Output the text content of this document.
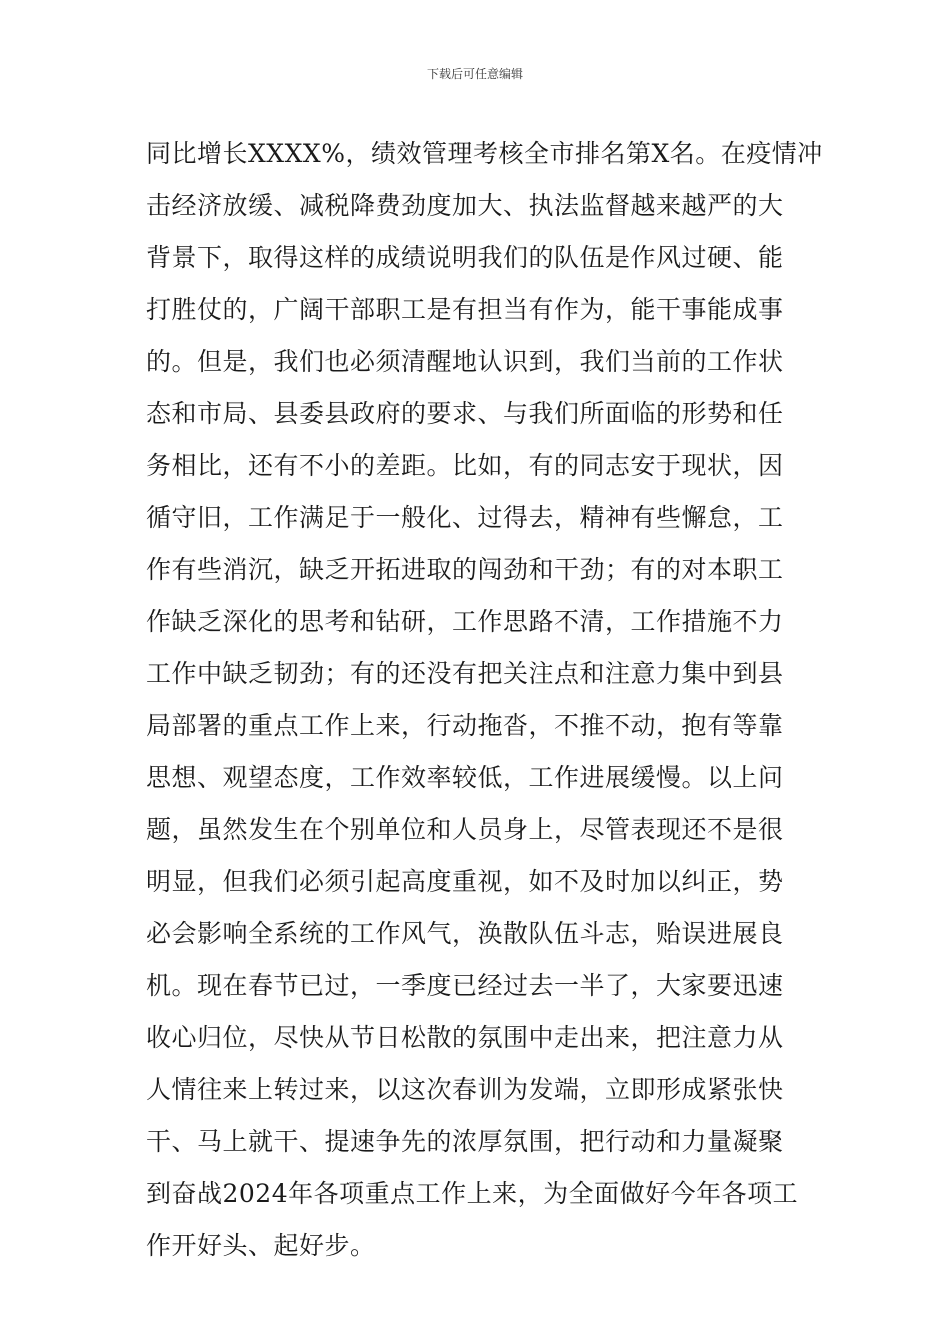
下载后可任意编辑
同比增长XXXX%，绩效管理考核全市排名第X名。在疫情冲
击经济放缓、减税降费劲度加大、执法监督越来越严的大
背景下，取得这样的成绩说明我们的队伍是作风过硬、能
打胜仗的，广阔干部职工是有担当有作为，能干事能成事
的。但是，我们也必须清醒地认识到，我们当前的工作状
态和市局、县委县政府的要求、与我们所面临的形势和任
务相比，还有不小的差距。比如，有的同志安于现状，因
循守旧，工作满足于一般化、过得去，精神有些懈怠，工
作有些消沉，缺乏开拓进取的闯劲和干劲；有的对本职工
作缺乏深化的思考和钻研，工作思路不清，工作措施不力
工作中缺乏韧劲；有的还没有把关注点和注意力集中到县
局部署的重点工作上来，行动拖沓，不推不动，抱有等靠
思想、观望态度，工作效率较低，工作进展缓慢。以上问
题，虽然发生在个别单位和人员身上，尽管表现还不是很
明显，但我们必须引起高度重视，如不及时加以纠正，势
必会影响全系统的工作风气，涣散队伍斗志，贻误进展良
机。现在春节已过，一季度已经过去一半了，大家要迅速
收心归位，尽快从节日松散的氛围中走出来，把注意力从
人情往来上转过来，以这次春训为发端，立即形成紧张快
干、马上就干、提速争先的浓厚氛围，把行动和力量凝聚
到奋战2024年各项重点工作上来，为全面做好今年各项工
作开好头、起好步。
